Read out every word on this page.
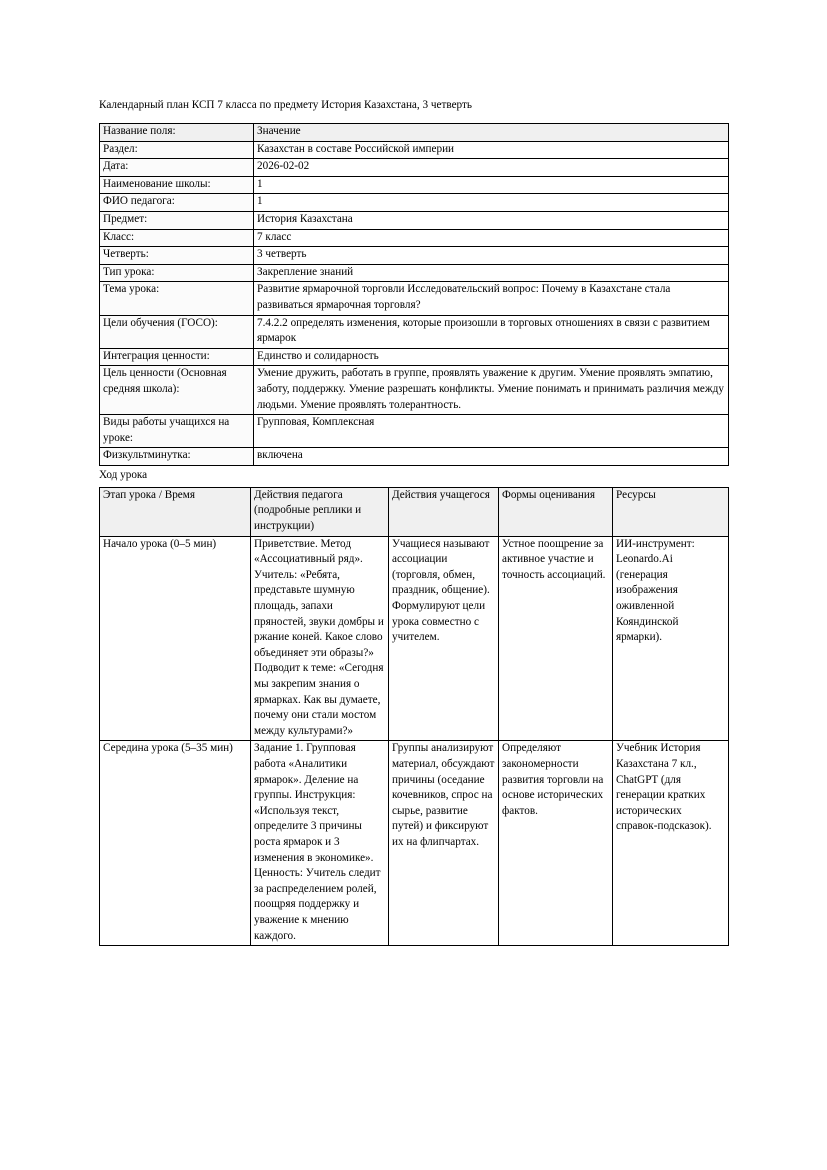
Календарный план КСП 7 класса по предмету История Казахстана, 3 четверть

Название поля:	Значение
Раздел:	Казахстан в составе Российской империи
Дата:	2026-02-02
Наименование школы:	1
ФИО педагога:	1
Предмет:	История Казахстана
Класс:	7 класс
Четверть:	3 четверть
Тип урока:	Закрепление знаний
Тема урока:	Развитие ярмарочной торговли Исследовательский вопрос: Почему в Казахстане стала развиваться ярмарочная торговля?
Цели обучения (ГОСО):	7.4.2.2 определять изменения, которые произошли в торговых отношениях в связи с развитием ярмарок
Интеграция ценности:	Единство и солидарность
Цель ценности (Основная средняя школа):	Умение дружить, работать в группе, проявлять уважение к другим. Умение проявлять эмпатию, заботу, поддержку. Умение разрешать конфликты. Умение понимать и принимать различия между людьми. Умение проявлять толерантность.
Виды работы учащихся на уроке:	Групповая, Комплексная
Физкультминутка:	включена

Ход урока

Этап урока / Время	Действия педагога (подробные реплики и инструкции)	Действия учащегося	Формы оценивания	Ресурсы
Начало урока (0–5 мин)	Приветствие. Метод «Ассоциативный ряд». Учитель: «Ребята, представьте шумную площадь, запахи пряностей, звуки домбры и ржание коней. Какое слово объединяет эти образы?» Подводит к теме: «Сегодня мы закрепим знания о ярмарках. Как вы думаете, почему они стали мостом между культурами?»	Учащиеся называют ассоциации (торговля, обмен, праздник, общение). Формулируют цели урока совместно с учителем.	Устное поощрение за активное участие и точность ассоциаций.	ИИ-инструмент: Leonardo.Ai (генерация изображения оживленной Кояндинской ярмарки).
Середина урока (5–35 мин)	Задание 1. Групповая работа «Аналитики ярмарок». Деление на группы. Инструкция: «Используя текст, определите 3 причины роста ярмарок и 3 изменения в экономике». Ценность: Учитель следит за распределением ролей, поощряя поддержку и уважение к мнению каждого.	Группы анализируют материал, обсуждают причины (оседание кочевников, спрос на сырье, развитие путей) и фиксируют их на флипчартах.	Определяют закономерности развития торговли на основе исторических фактов.	Учебник История Казахстана 7 кл., ChatGPT (для генерации кратких исторических справок-подсказок).
